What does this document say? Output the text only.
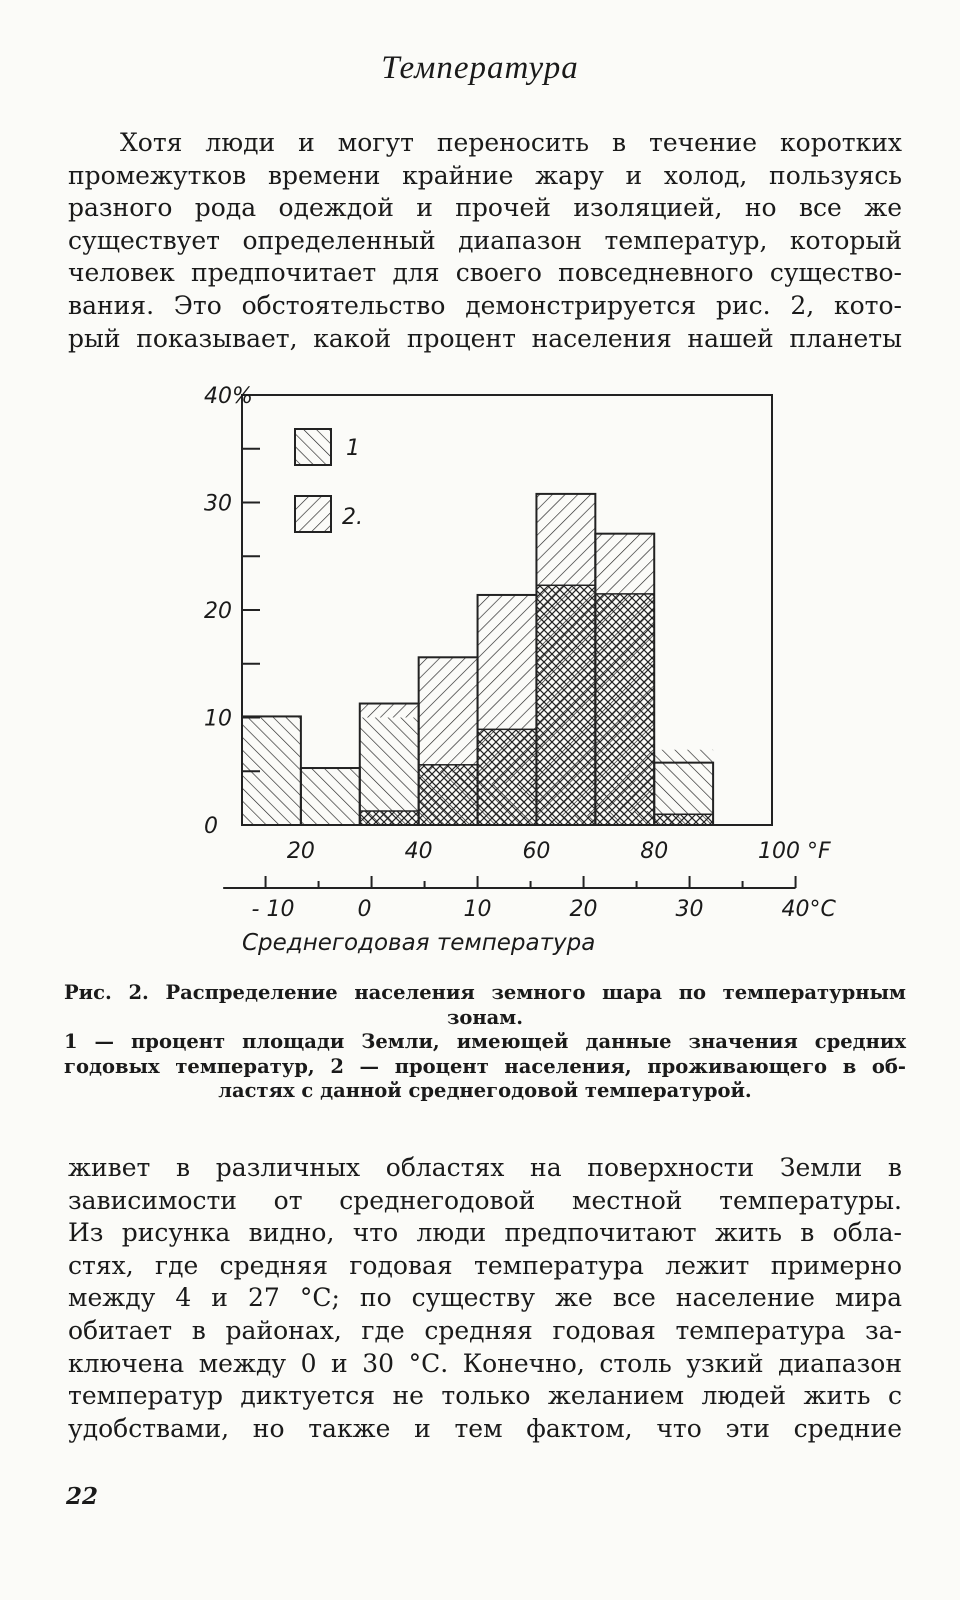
Температура
Хотя люди и могут переносить в течение коротких
промежутков времени крайние жару и холод, пользуясь
разного рода одеждой и прочей изоляцией, но все же
существует определенный диапазон температур, который
человек предпочитает для своего повседневного существо-
вания. Это обстоятельство демонстрируется рис. 2, кото-
рый показывает, какой процент населения нашей планеты
0
10
20
30
40%
20	40	60	80	100 °F
- 10	0	10	20	30	40°C
1
2.
Среднегодовая температура
Рис. 2. Распределение населения земного шара по температурным
зонам.
1 — процент площади Земли, имеющей данные значения средних
годовых температур, 2 — процент населения, проживающего в об-
ластях с данной среднегодовой температурой.
живет в различных областях на поверхности Земли в
зависимости от среднегодовой местной температуры.
Из рисунка видно, что люди предпочитают жить в обла-
стях, где средняя годовая температура лежит примерно
между 4 и 27 °С; по существу же все население мира
обитает в районах, где средняя годовая температура за-
ключена между 0 и 30 °С. Конечно, столь узкий диапазон
температур диктуется не только желанием людей жить с
удобствами, но также и тем фактом, что эти средние
22
